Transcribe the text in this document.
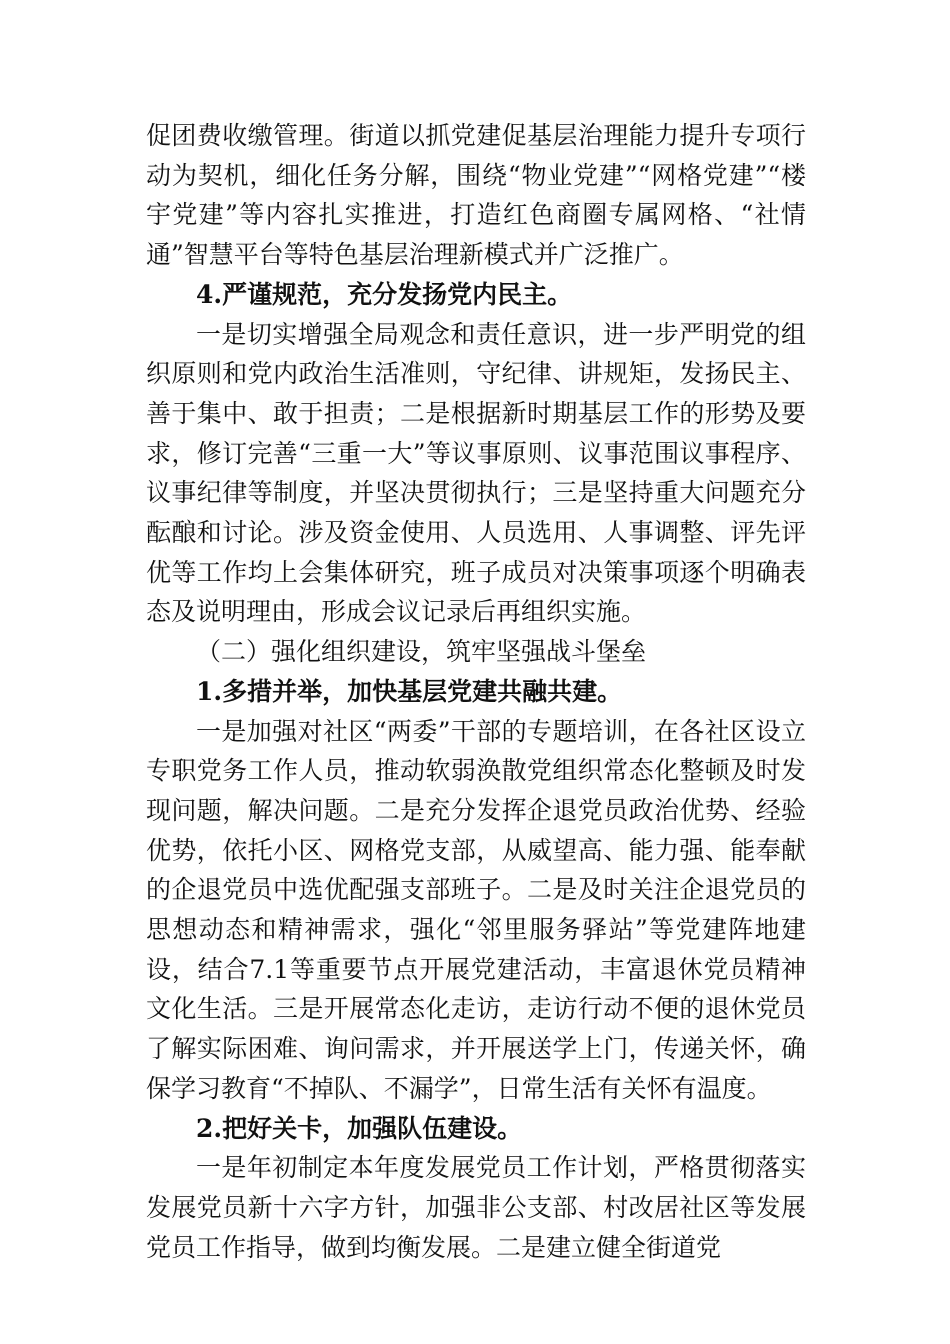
促团费收缴管理。街道以抓党建促基层治理能力提升专项行动为契机，细化任务分解，围绕“物业党建”“网格党建”“楼宇党建”等内容扎实推进，打造红色商圈专属网格、“社情通”智慧平台等特色基层治理新模式并广泛推广。

4.严谨规范，充分发扬党内民主。

一是切实增强全局观念和责任意识，进一步严明党的组织原则和党内政治生活准则，守纪律、讲规矩，发扬民主、善于集中、敢于担责；二是根据新时期基层工作的形势及要求，修订完善“三重一大”等议事原则、议事范围议事程序、议事纪律等制度，并坚决贯彻执行；三是坚持重大问题充分酝酿和讨论。涉及资金使用、人员选用、人事调整、评先评优等工作均上会集体研究，班子成员对决策事项逐个明确表态及说明理由，形成会议记录后再组织实施。

（二）强化组织建设，筑牢坚强战斗堡垒

1.多措并举，加快基层党建共融共建。

一是加强对社区“两委”干部的专题培训，在各社区设立专职党务工作人员，推动软弱涣散党组织常态化整顿及时发现问题，解决问题。二是充分发挥企退党员政治优势、经验优势，依托小区、网格党支部，从威望高、能力强、能奉献的企退党员中选优配强支部班子。二是及时关注企退党员的思想动态和精神需求，强化“邻里服务驿站”等党建阵地建设，结合7.1等重要节点开展党建活动，丰富退休党员精神文化生活。三是开展常态化走访，走访行动不便的退休党员了解实际困难、询问需求，并开展送学上门，传递关怀，确保学习教育“不掉队、不漏学”，日常生活有关怀有温度。

2.把好关卡，加强队伍建设。

一是年初制定本年度发展党员工作计划，严格贯彻落实发展党员新十六字方针，加强非公支部、村改居社区等发展党员工作指导，做到均衡发展。二是建立健全街道党
